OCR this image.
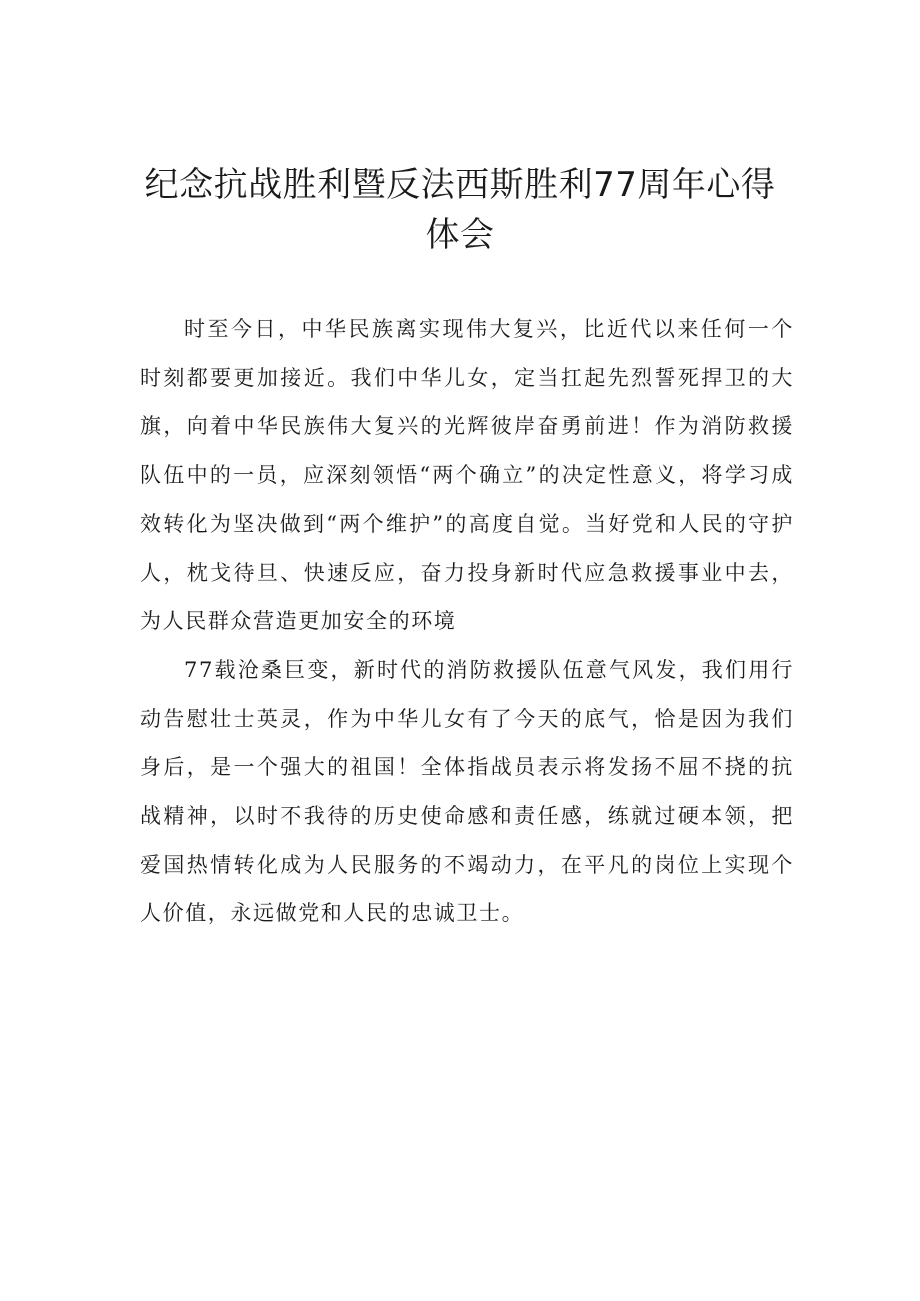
纪念抗战胜利暨反法西斯胜利77周年心得体会

时至今日，中华民族离实现伟大复兴，比近代以来任何一个时刻都要更加接近。我们中华儿女，定当扛起先烈誓死捍卫的大旗，向着中华民族伟大复兴的光辉彼岸奋勇前进！作为消防救援队伍中的一员，应深刻领悟“两个确立”的决定性意义，将学习成效转化为坚决做到“两个维护”的高度自觉。当好党和人民的守护人，枕戈待旦、快速反应，奋力投身新时代应急救援事业中去，为人民群众营造更加安全的环境

77载沧桑巨变，新时代的消防救援队伍意气风发，我们用行动告慰壮士英灵，作为中华儿女有了今天的底气，恰是因为我们身后，是一个强大的祖国！全体指战员表示将发扬不屈不挠的抗战精神，以时不我待的历史使命感和责任感，练就过硬本领，把爱国热情转化成为人民服务的不竭动力，在平凡的岗位上实现个人价值，永远做党和人民的忠诚卫士。
